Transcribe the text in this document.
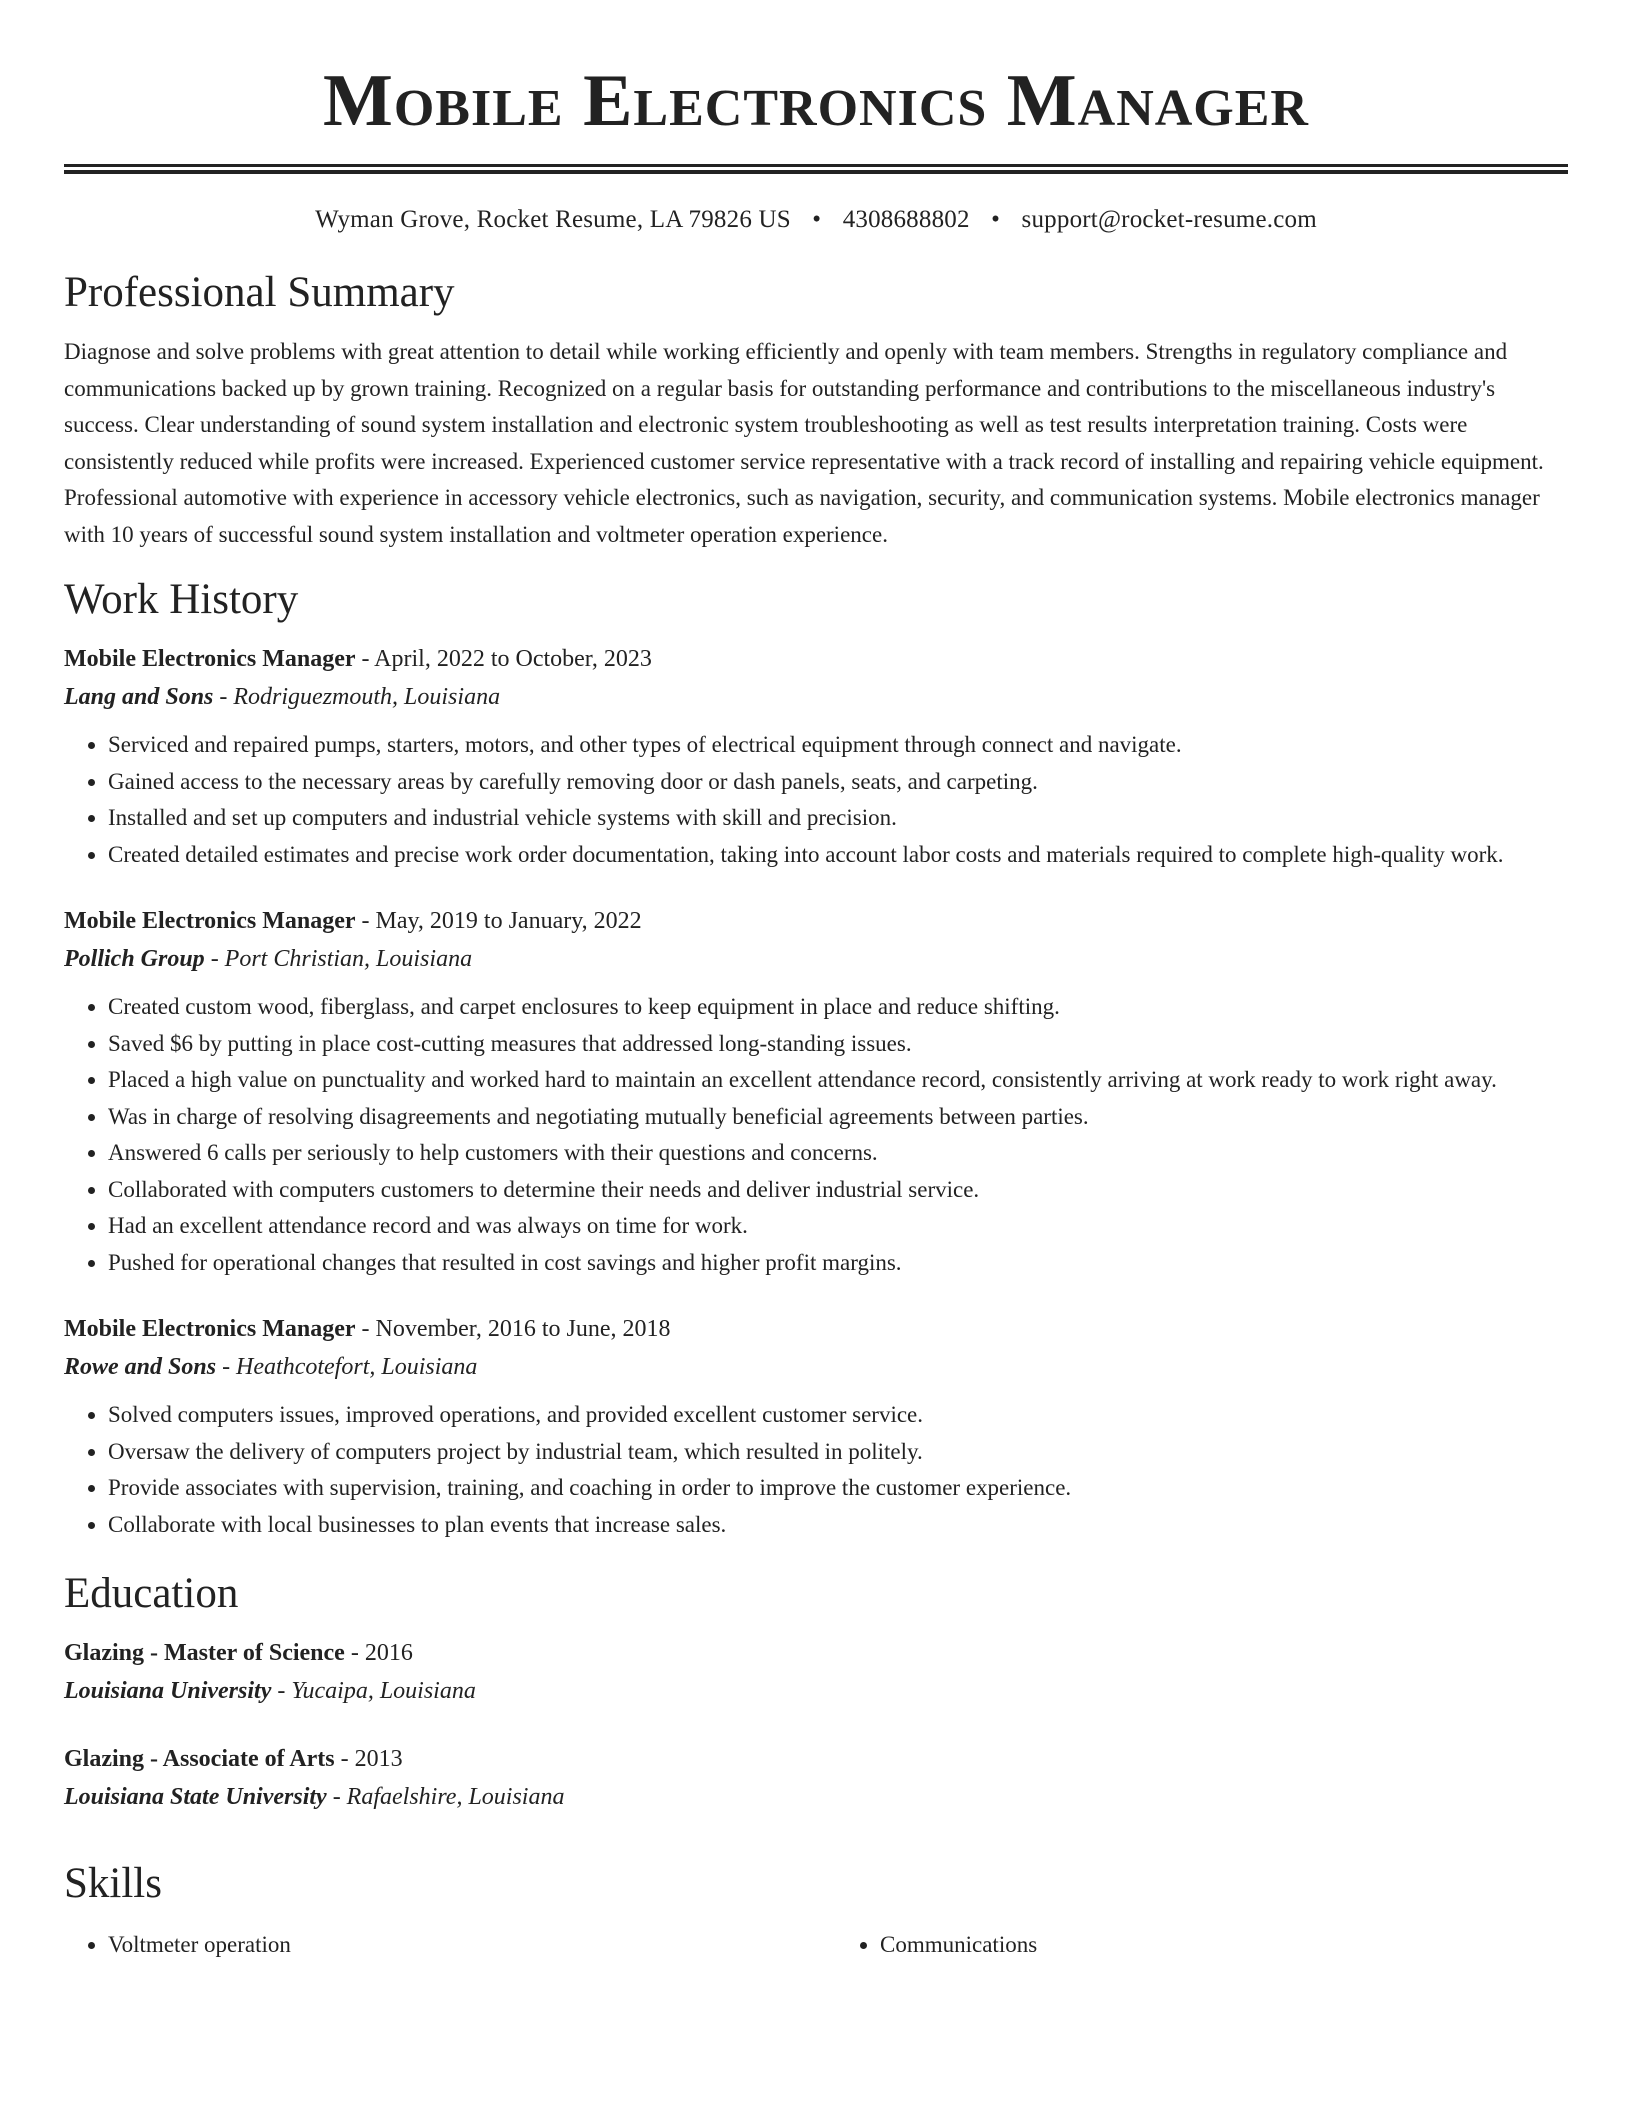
Mobile Electronics Manager
Wyman Grove, Rocket Resume, LA 79826 US • 4308688802 • support@rocket-resume.com
Professional Summary

Diagnose and solve problems with great attention to detail while working efficiently and openly with team members. Strengths in regulatory compliance and communications backed up by grown training. Recognized on a regular basis for outstanding performance and contributions to the miscellaneous industry's success. Clear understanding of sound system installation and electronic system troubleshooting as well as test results interpretation training. Costs were consistently reduced while profits were increased. Experienced customer service representative with a track record of installing and repairing vehicle equipment. Professional automotive with experience in accessory vehicle electronics, such as navigation, security, and communication systems. Mobile electronics manager with 10 years of successful sound system installation and voltmeter operation experience.

Work History
Mobile Electronics Manager - April, 2022 to October, 2023
Lang and Sons - Rodriguezmouth, Louisiana
• Serviced and repaired pumps, starters, motors, and other types of electrical equipment through connect and navigate.
• Gained access to the necessary areas by carefully removing door or dash panels, seats, and carpeting.
• Installed and set up computers and industrial vehicle systems with skill and precision.
• Created detailed estimates and precise work order documentation, taking into account labor costs and materials required to complete high-quality work.
Mobile Electronics Manager - May, 2019 to January, 2022
Pollich Group - Port Christian, Louisiana
• Created custom wood, fiberglass, and carpet enclosures to keep equipment in place and reduce shifting.
• Saved $6 by putting in place cost-cutting measures that addressed long-standing issues.
• Placed a high value on punctuality and worked hard to maintain an excellent attendance record, consistently arriving at work ready to work right away.
• Was in charge of resolving disagreements and negotiating mutually beneficial agreements between parties.
• Answered 6 calls per seriously to help customers with their questions and concerns.
• Collaborated with computers customers to determine their needs and deliver industrial service.
• Had an excellent attendance record and was always on time for work.
• Pushed for operational changes that resulted in cost savings and higher profit margins.
Mobile Electronics Manager - November, 2016 to June, 2018
Rowe and Sons - Heathcotefort, Louisiana
• Solved computers issues, improved operations, and provided excellent customer service.
• Oversaw the delivery of computers project by industrial team, which resulted in politely.
• Provide associates with supervision, training, and coaching in order to improve the customer experience.
• Collaborate with local businesses to plan events that increase sales.
Education
Glazing - Master of Science - 2016
Louisiana University - Yucaipa, Louisiana
Glazing - Associate of Arts - 2013
Louisiana State University - Rafaelshire, Louisiana
Skills
• Voltmeter operation
•	Communications
